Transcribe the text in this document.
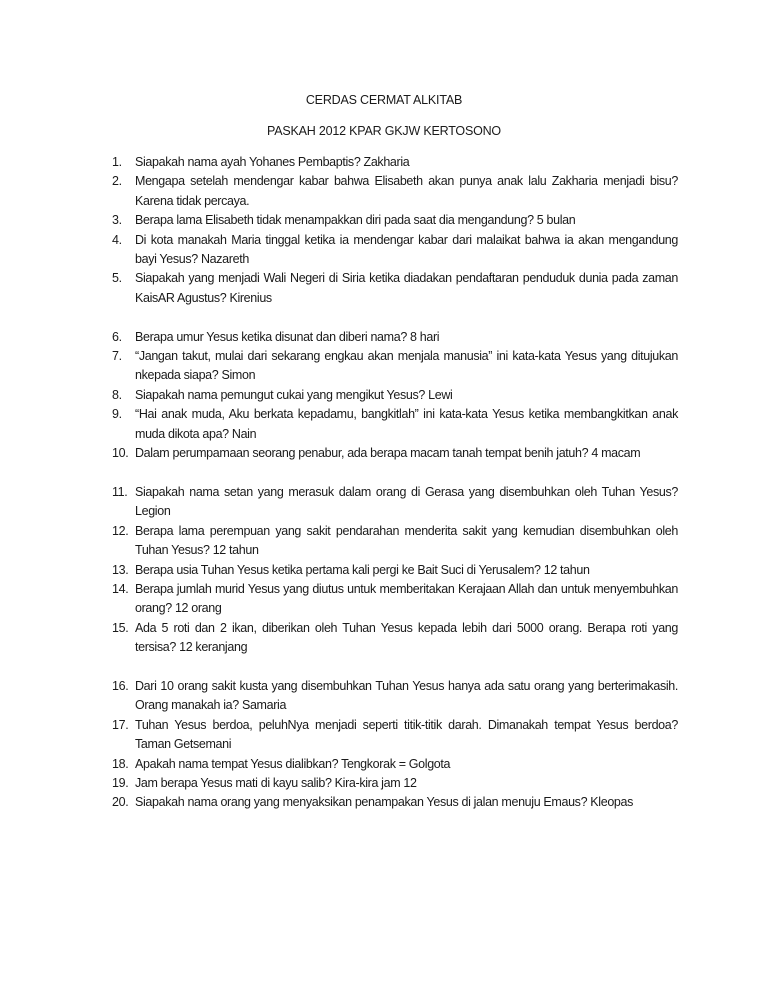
CERDAS CERMAT ALKITAB
PASKAH 2012 KPAR GKJW KERTOSONO
1. Siapakah nama ayah Yohanes Pembaptis? Zakharia
2. Mengapa setelah mendengar kabar bahwa Elisabeth akan punya anak lalu Zakharia menjadi bisu? Karena tidak percaya.
3. Berapa lama Elisabeth tidak menampakkan diri pada saat dia mengandung? 5 bulan
4. Di kota manakah Maria tinggal ketika ia mendengar kabar dari malaikat bahwa ia akan mengandung bayi Yesus? Nazareth
5. Siapakah yang menjadi Wali Negeri di Siria ketika diadakan pendaftaran penduduk dunia pada zaman KaisAR Agustus? Kirenius
6. Berapa umur Yesus ketika disunat dan diberi nama? 8 hari
7. “Jangan takut, mulai dari sekarang engkau akan menjala manusia” ini kata-kata Yesus yang ditujukan nkepada siapa? Simon
8. Siapakah nama pemungut cukai yang mengikut Yesus? Lewi
9. “Hai anak muda, Aku berkata kepadamu, bangkitlah” ini kata-kata Yesus ketika membangkitkan anak muda dikota apa? Nain
10. Dalam perumpamaan seorang penabur, ada berapa macam tanah tempat benih jatuh? 4 macam
11. Siapakah nama setan yang merasuk dalam orang di Gerasa yang disembuhkan oleh Tuhan Yesus? Legion
12. Berapa lama perempuan yang sakit pendarahan menderita sakit yang kemudian disembuhkan oleh Tuhan Yesus? 12 tahun
13. Berapa usia Tuhan Yesus ketika pertama kali pergi ke Bait Suci di Yerusalem? 12 tahun
14. Berapa jumlah murid Yesus yang diutus untuk memberitakan Kerajaan Allah dan untuk menyembuhkan orang? 12 orang
15. Ada 5 roti dan 2 ikan, diberikan oleh Tuhan Yesus kepada lebih dari 5000 orang. Berapa roti yang tersisa? 12 keranjang
16. Dari 10 orang sakit kusta yang disembuhkan Tuhan Yesus hanya ada satu orang yang berterimakasih. Orang manakah ia? Samaria
17. Tuhan Yesus berdoa, peluhNya menjadi seperti titik-titik darah. Dimanakah tempat Yesus berdoa? Taman Getsemani
18. Apakah nama tempat Yesus dialibkan? Tengkorak = Golgota
19. Jam berapa Yesus mati di kayu salib? Kira-kira jam 12
20. Siapakah nama orang yang menyaksikan penampakan Yesus di jalan menuju Emaus? Kleopas
